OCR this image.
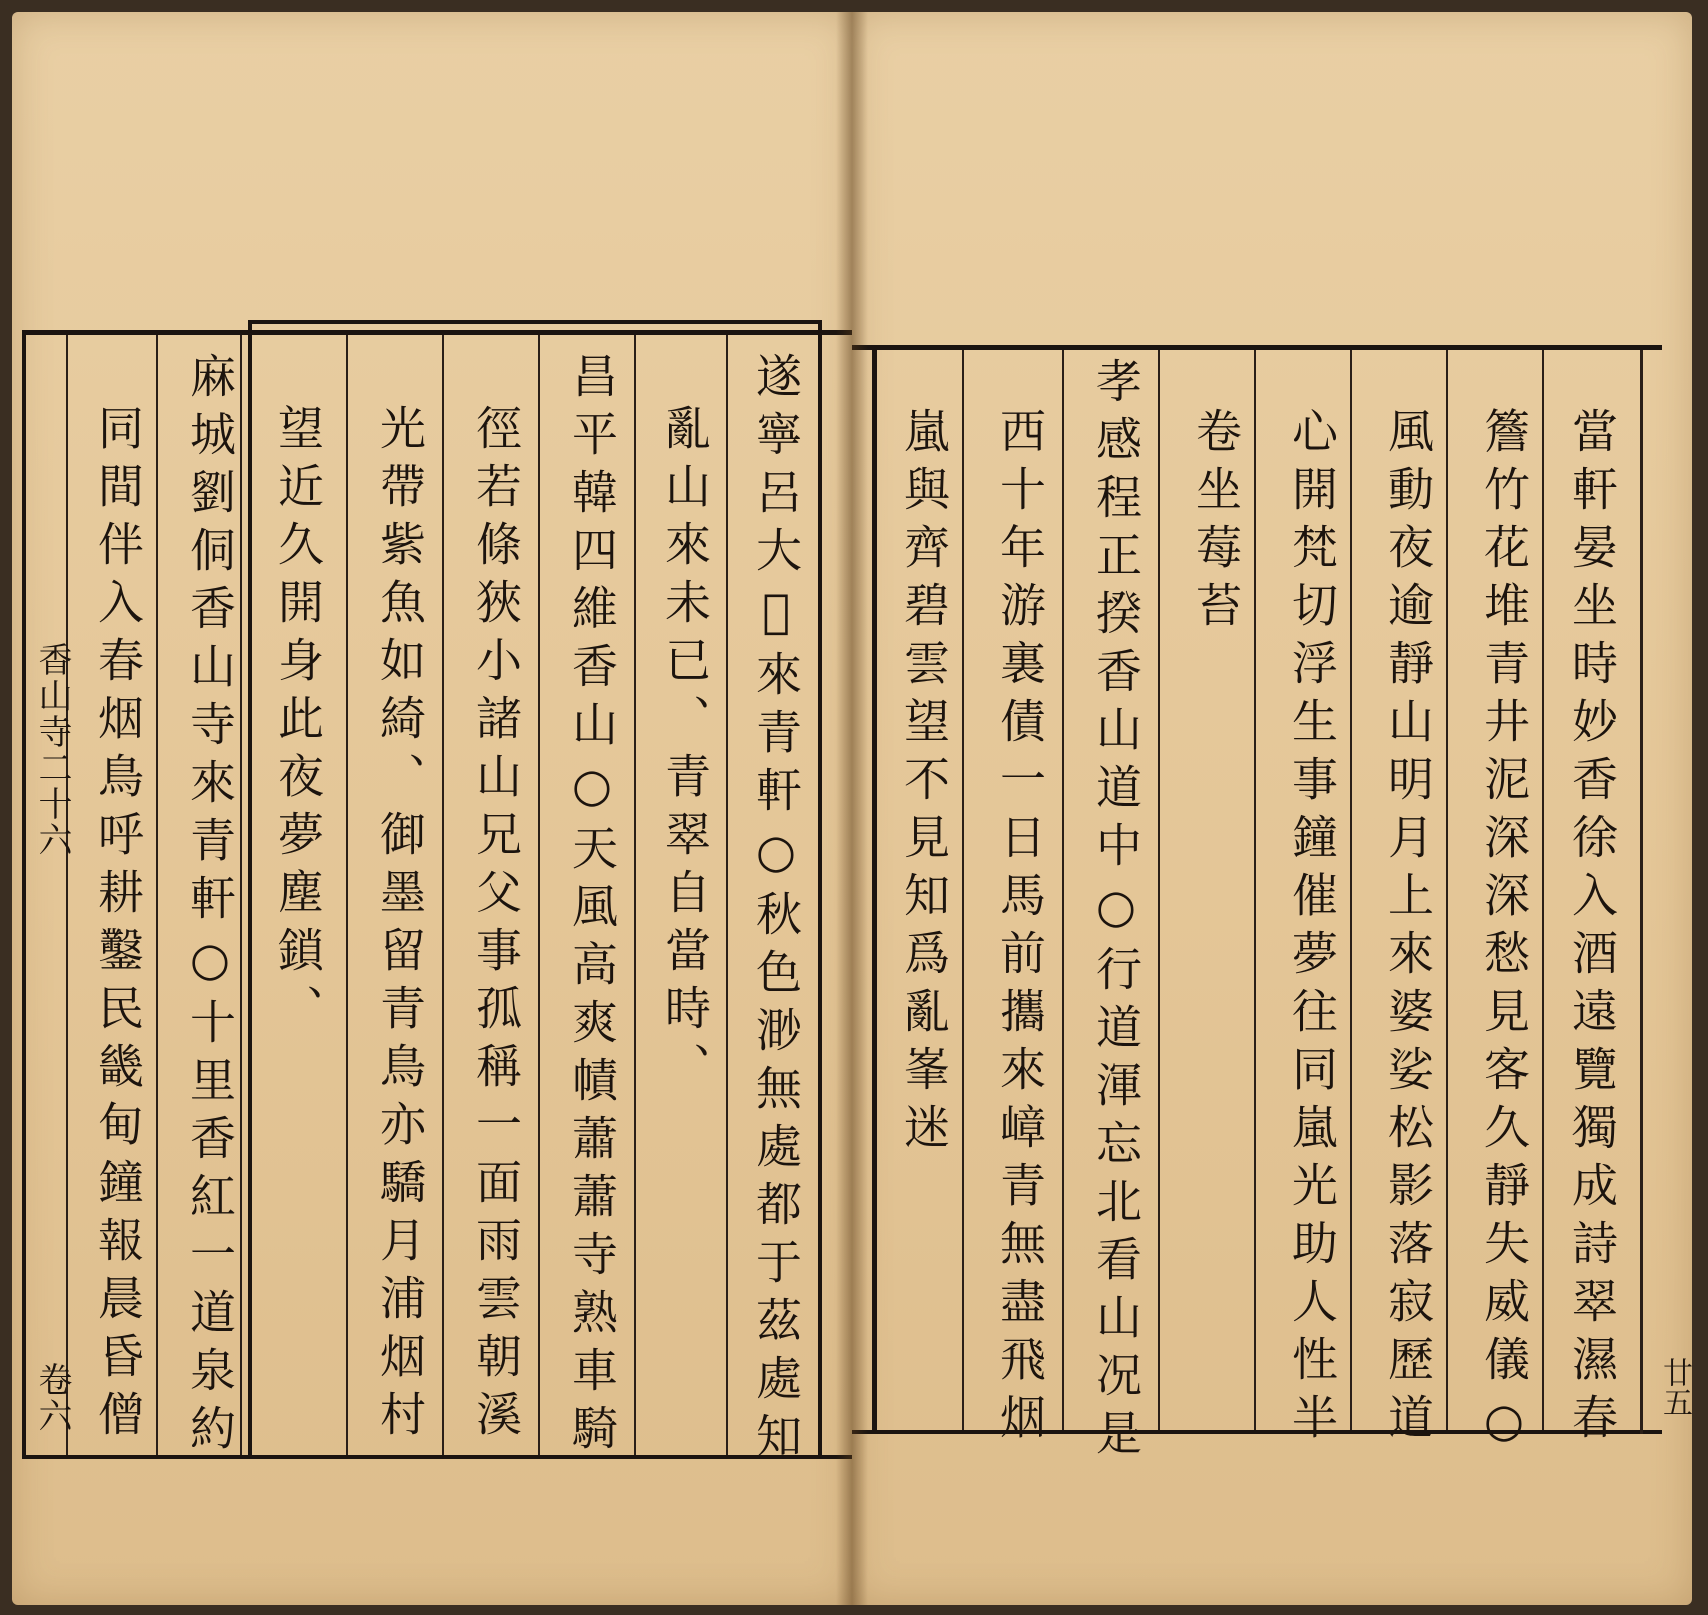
遂寧呂大𭃃來青軒○秋色渺無處都于茲處知
亂山來未已、青翠自當時、
昌平韓四維香山○天風高爽幘蕭蕭寺熟車騎
徑若條狹小諸山兄父事孤稱一面雨雲朝溪
光帶紫魚如綺、御墨留青鳥亦驕月浦烟村
望近久開身此夜夢塵鎖、
麻城劉侗香山寺來青軒○十里香紅一道泉約
同間伴入春烟鳥呼耕鑿民畿甸鐘報晨昏僧
香山寺二十六
卷六	當軒晏坐時妙香徐入酒遠覽獨成詩翠濕春
簷竹花堆青井泥深深愁見客久靜失威儀○
風動夜逾靜山明月上來婆娑松影落寂歷道
心開梵切浮生事鐘催夢往同嵐光助人性半
卷坐莓苔
孝感程正揆香山道中○行道渾忘北看山况是
西十年游裏債一日馬前攜來嶂青無盡飛烟
嵐與齊碧雲望不見知爲亂峯迷
廿五
